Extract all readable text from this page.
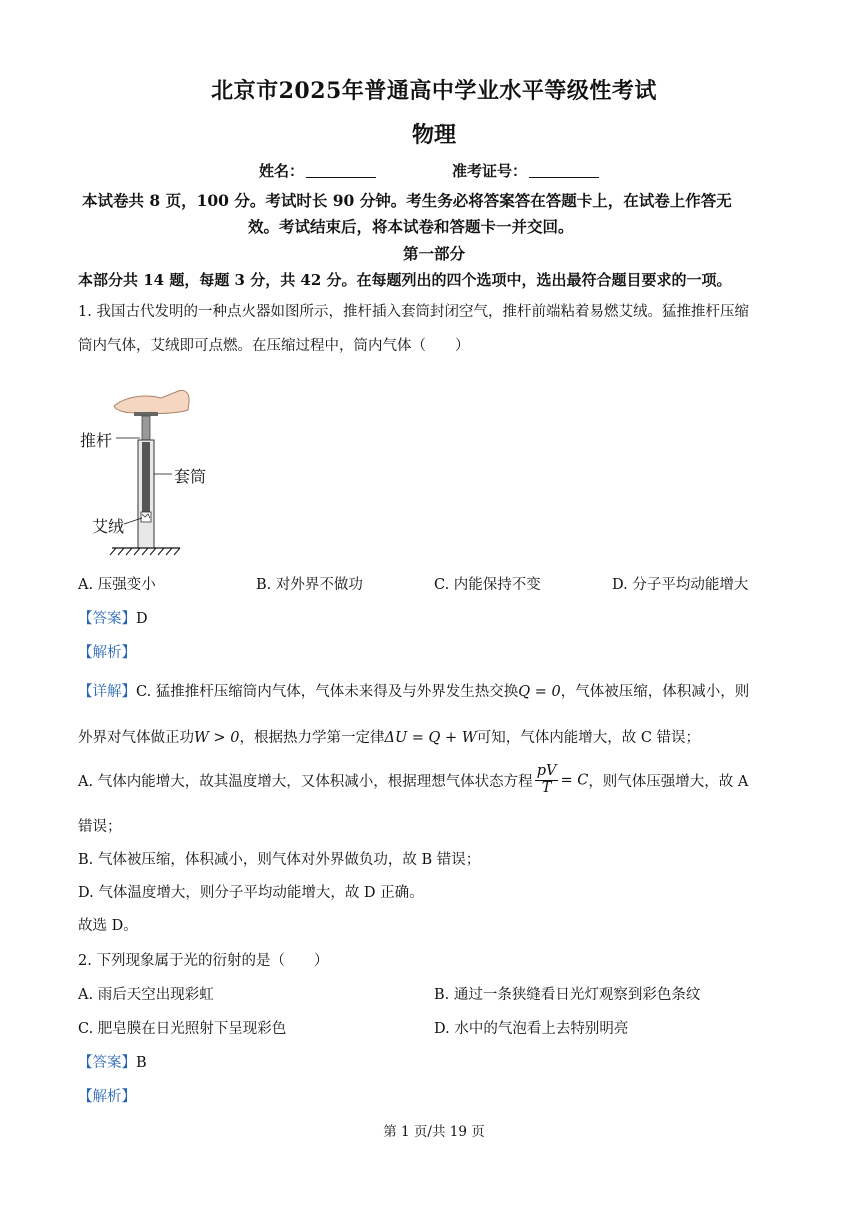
北京市2025年普通高中学业水平等级性考试
物理
姓名：	准考证号：
本试卷共 8 页，100 分。考试时长 90 分钟。考生务必将答案答在答题卡上，在试卷上作答无
效。考试结束后，将本试卷和答题卡一并交回。
第一部分
本部分共 14 题，每题 3 分，共 42 分。在每题列出的四个选项中，选出最符合题目要求的一项。
1. 我国古代发明的一种点火器如图所示，推杆插入套筒封闭空气，推杆前端粘着易燃艾绒。猛推推杆压缩
筒内气体，艾绒即可点燃。在压缩过程中，筒内气体（　　）
推杆
套筒
艾绒
A. 压强变小	B. 对外界不做功	C. 内能保持不变	D. 分子平均动能增大
【答案】D
【解析】
【详解】C. 猛推推杆压缩筒内气体，气体未来得及与外界发生热交换Q = 0，气体被压缩，体积减小，则
外界对气体做正功W > 0，根据热力学第一定律ΔU = Q + W可知，气体内能增大，故 C 错误；
A. 气体内能增大，故其温度增大，又体积减小，根据理想气体状态方程 $\frac{pV}{T} = C$，则气体压强增大，故 A
错误；
B. 气体被压缩，体积减小，则气体对外界做负功，故 B 错误；
D. 气体温度增大，则分子平均动能增大，故 D 正确。
故选 D。
2. 下列现象属于光的衍射的是（　　）
A. 雨后天空出现彩虹	B. 通过一条狭缝看日光灯观察到彩色条纹
C. 肥皂膜在日光照射下呈现彩色	D. 水中的气泡看上去特别明亮
【答案】B
【解析】
第 1 页/共 19 页
